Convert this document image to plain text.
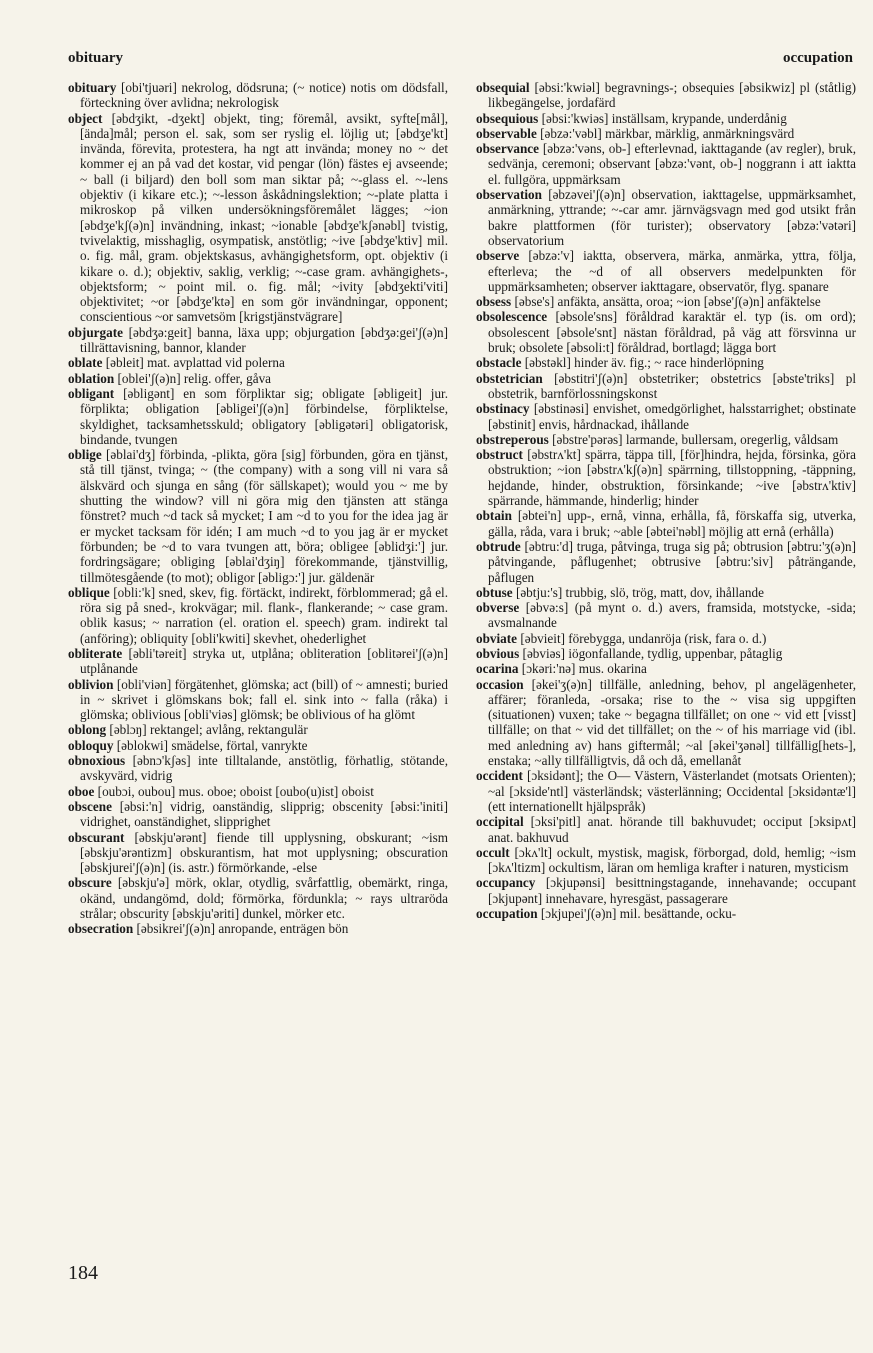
obituary	occupation

obituary [obi'tjuəri] nekrolog, dödsruna; (~ notice) notis om dödsfall, förteckning över avlidna; nekrologisk

object [əbdʒikt, -dʒekt] objekt, ting; föremål, avsikt, syfte[mål], [ända]mål; person el. sak, som ser ryslig el. löjlig ut; [əbdʒe'kt] invända, förevita, protestera, ha ngt att invända; money no ~ det kommer ej an på vad det kostar, vid pengar (lön) fästes ej avseende; ~ ball (i biljard) den boll som man siktar på; ~-glass el. ~-lens objektiv (i kikare etc.); ~-lesson åskådningslektion; ~-plate platta i mikroskop på vilken undersökningsföremålet lägges; ~ion [əbdʒe'kʃ(ə)n] invändning, inkast; ~ionable [əbdʒe'kʃənəbl] tvistig, tvivelaktig, misshaglig, osympatisk, anstötlig; ~ive [əbdʒe'ktiv] mil. o. fig. mål, gram. objektskasus, avhängighetsform, opt. objektiv (i kikare o. d.); objektiv, saklig, verklig; ~-case gram. avhängighets-, objektsform; ~ point mil. o. fig. mål; ~ivity [əbdʒekti'viti] objektivitet; ~or [əbdʒe'ktə] en som gör invändningar, opponent; conscientious ~or samvetsöm [krigstjänstvägrare]

objurgate [əbdʒə:geit] banna, läxa upp; objurgation [əbdʒə:gei'ʃ(ə)n] tillrättavisning, bannor, klander

oblate [əbleit] mat. avplattad vid polerna

oblation [oblei'ʃ(ə)n] relig. offer, gåva

obligant [əbligənt] en som förpliktar sig; obligate [əbligeit] jur. förplikta; obligation [əbligei'ʃ(ə)n] förbindelse, förpliktelse, skyldighet, tacksamhetsskuld; obligatory [əbligətəri] obligatorisk, bindande, tvungen

oblige [əblai'dʒ] förbinda, -plikta, göra [sig] förbunden, göra en tjänst, stå till tjänst, tvinga; ~ (the company) with a song vill ni vara så älskvärd och sjunga en sång (för sällskapet); would you ~ me by shutting the window? vill ni göra mig den tjänsten att stänga fönstret? much ~d tack så mycket; I am ~d to you for the idea jag är er mycket tacksam för idén; I am much ~d to you jag är er mycket förbunden; be ~d to vara tvungen att, böra; obligee [əblidʒi:'] jur. fordringsägare; obliging [əblai'dʒiŋ] förekommande, tjänstvillig, tillmötesgående (to mot); obligor [əbligɔ:'] jur. gäldenär

oblique [obli:'k] sned, skev, fig. förtäckt, indirekt, förblommerad; gå el. röra sig på sned-, krokvägar; mil. flank-, flankerande; ~ case gram. oblik kasus; ~ narration (el. oration el. speech) gram. indirekt tal (anföring); obliquity [obli'kwiti] skevhet, ohederlighet

obliterate [əbli'təreit] stryka ut, utplåna; obliteration [oblitərei'ʃ(ə)n] utplånande

oblivion [obli'viən] förgätenhet, glömska; act (bill) of ~ amnesti; buried in ~ skrivet i glömskans bok; fall el. sink into ~ falla (råka) i glömska; oblivious [obli'viəs] glömsk; be oblivious of ha glömt

oblong [əblɔŋ] rektangel; avlång, rektangulär

obloquy [əblokwi] smädelse, förtal, vanrykte

obnoxious [əbnɔ'kʃəs] inte tilltalande, anstötlig, förhatlig, stötande, avskyvärd, vidrig

oboe [oubɔi, oubou] mus. oboe; oboist [oubo(u)ist] oboist

obscene [əbsi:'n] vidrig, oanständig, slipprig; obscenity [əbsi:'initi] vidrighet, oanständighet, slipprighet

obscurant [əbskju'ərənt] fiende till upplysning, obskurant; ~ism [əbskju'ərəntizm] obskurantism, hat mot upplysning; obscuration [əbskjurei'ʃ(ə)n] (is. astr.) förmörkande, -else

obscure [əbskju'ə] mörk, oklar, otydlig, svårfattlig, obemärkt, ringa, okänd, undangömd, dold; förmörka, fördunkla; ~ rays ultraröda strålar; obscurity [əbskju'əriti] dunkel, mörker etc.

obsecration [əbsikrei'ʃ(ə)n] anropande, enträgen bön

obsequial [əbsi:'kwiəl] begravnings-; obsequies [əbsikwiz] pl (ståtlig) likbegängelse, jordafärd

obsequious [əbsi:'kwiəs] inställsam, krypande, underdånig

observable [əbzə:'vəbl] märkbar, märklig, anmärkningsvärd

observance [əbzə:'vəns, ob-] efterlevnad, iakttagande (av regler), bruk, sedvänja, ceremoni; observant [əbzə:'vənt, ob-] noggrann i att iaktta el. fullgöra, uppmärksam

observation [əbzəvei'ʃ(ə)n] observation, iakttagelse, uppmärksamhet, anmärkning, yttrande; ~-car amr. järnvägsvagn med god utsikt från bakre plattformen (för turister); observatory [əbzə:'vətəri] observatorium

observe [əbzə:'v] iaktta, observera, märka, anmärka, yttra, följa, efterleva; the ~d of all observers medelpunkten för uppmärksamheten; observer iakttagare, observatör, flyg. spanare

obsess [əbse's] anfäkta, ansätta, oroa; ~ion [əbse'ʃ(ə)n] anfäktelse

obsolescence [əbsole'sns] föråldrad karaktär el. typ (is. om ord); obsolescent [əbsole'snt] nästan föråldrad, på väg att försvinna ur bruk; obsolete [əbsoli:t] föråldrad, bortlagd; lägga bort

obstacle [əbstəkl] hinder äv. fig.; ~ race hinderlöpning

obstetrician [əbstitri'ʃ(ə)n] obstetriker; obstetrics [əbste'triks] pl obstetrik, barnförlossningskonst

obstinacy [əbstinəsi] envishet, omedgörlighet, halsstarrighet; obstinate [əbstinit] envis, hårdnackad, ihållande

obstreperous [əbstre'pərəs] larmande, bullersam, oregerlig, våldsam

obstruct [əbstrʌ'kt] spärra, täppa till, [för]hindra, hejda, försinka, göra obstruktion; ~ion [əbstrʌ'kʃ(ə)n] spärrning, tillstoppning, -täppning, hejdande, hinder, obstruktion, försinkande; ~ive [əbstrʌ'ktiv] spärrande, hämmande, hinderlig; hinder

obtain [əbtei'n] upp-, ernå, vinna, erhålla, få, förskaffa sig, utverka, gälla, råda, vara i bruk; ~able [əbtei'nəbl] möjlig att ernå (erhålla)

obtrude [əbtru:'d] truga, påtvinga, truga sig på; obtrusion [əbtru:'ʒ(ə)n] påtvingande, påflugenhet; obtrusive [əbtru:'siv] påträngande, påflugen

obtuse [əbtju:'s] trubbig, slö, trög, matt, dov, ihållande

obverse [əbvə:s] (på mynt o. d.) avers, framsida, motstycke, -sida; avsmalnande

obviate [əbvieit] förebygga, undanröja (risk, fara o. d.)

obvious [əbviəs] iögonfallande, tydlig, uppenbar, påtaglig

ocarina [ɔkəri:'nə] mus. okarina

occasion [əkei'ʒ(ə)n] tillfälle, anledning, behov, pl angelägenheter, affärer; föranleda, -orsaka; rise to the ~ visa sig uppgiften (situationen) vuxen; take ~ begagna tillfället; on one ~ vid ett [visst] tillfälle; on that ~ vid det tillfället; on the ~ of his marriage vid (ibl. med anledning av) hans giftermål; ~al [əkei'ʒənəl] tillfällig[hets-], enstaka; ~ally tillfälligtvis, då och då, emellanåt

occident [ɔksidənt]; the O— Västern, Västerlandet (motsats Orienten); ~al [ɔkside'ntl] västerländsk; västerlänning; Occidental [ɔksidəntæ'l] (ett internationellt hjälpspråk)

occipital [ɔksi'pitl] anat. hörande till bakhuvudet; occiput [ɔksipʌt] anat. bakhuvud

occult [ɔkʌ'lt] ockult, mystisk, magisk, förborgad, dold, hemlig; ~ism [ɔkʌ'ltizm] ockultism, läran om hemliga krafter i naturen, mysticism

occupancy [ɔkjupənsi] besittningstagande, innehavande; occupant [ɔkjupənt] innehavare, hyresgäst, passagerare

occupation [ɔkjupei'ʃ(ə)n] mil. besättande, ocku-

184
